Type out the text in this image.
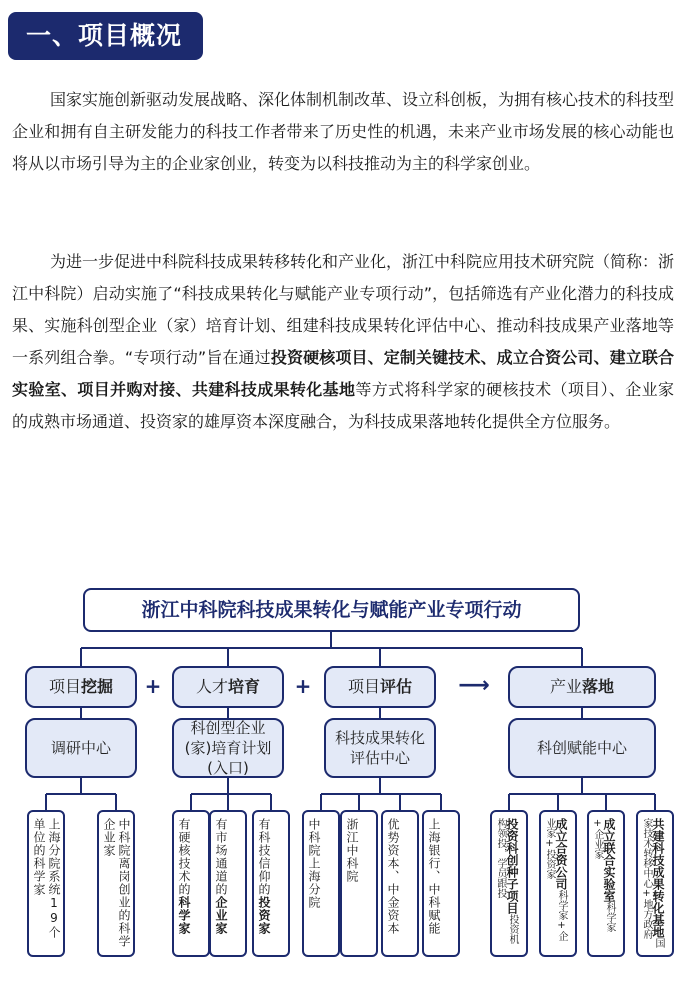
一、项目概况

国家实施创新驱动发展战略、深化体制机制改革、设立科创板，为拥有核心技术的科技型企业和拥有自主研发能力的科技工作者带来了历史性的机遇，未来产业市场发展的核心动能也将从以市场引导为主的企业家创业，转变为以科技推动为主的科学家创业。

为进一步促进中科院科技成果转移转化和产业化，浙江中科院应用技术研究院（简称：浙江中科院）启动实施了“科技成果转化与赋能产业专项行动”，包括筛选有产业化潜力的科技成果、实施科创型企业（家）培育计划、组建科技成果转化评估中心、推动科技成果产业落地等一系列组合拳。“专项行动”旨在通过投资硬核项目、定制关键技术、成立合资公司、建立联合实验室、项目并购对接、共建科技成果转化基地等方式将科学家的硬核技术（项目）、企业家的成熟市场通道、投资家的雄厚资本深度融合，为科技成果落地转化提供全方位服务。

浙江中科院科技成果转化与赋能产业专项行动
项目挖掘	+	人才培育	+	项目评估	⟶	产业落地
调研中心
科创型企业(家)培育计划(入口)
科技成果转化评估中心
科创赋能中心
上海分院系统19个单位的科学家	中科院离岗创业的科学企业家	有硬核技术的科学家
有市场通道的企业家
有科技信仰的投资家
中科院上海分院 浙江中科院 优势资本、中金资本 上海银行、中科赋能	投资科创种子项目投资机构领投，学员跟投	成立合资公司科学家+企业家+投资家	成立联合实验室科学家+企业家	共建科技成果转化基地国家技术转移中心+地方政府
